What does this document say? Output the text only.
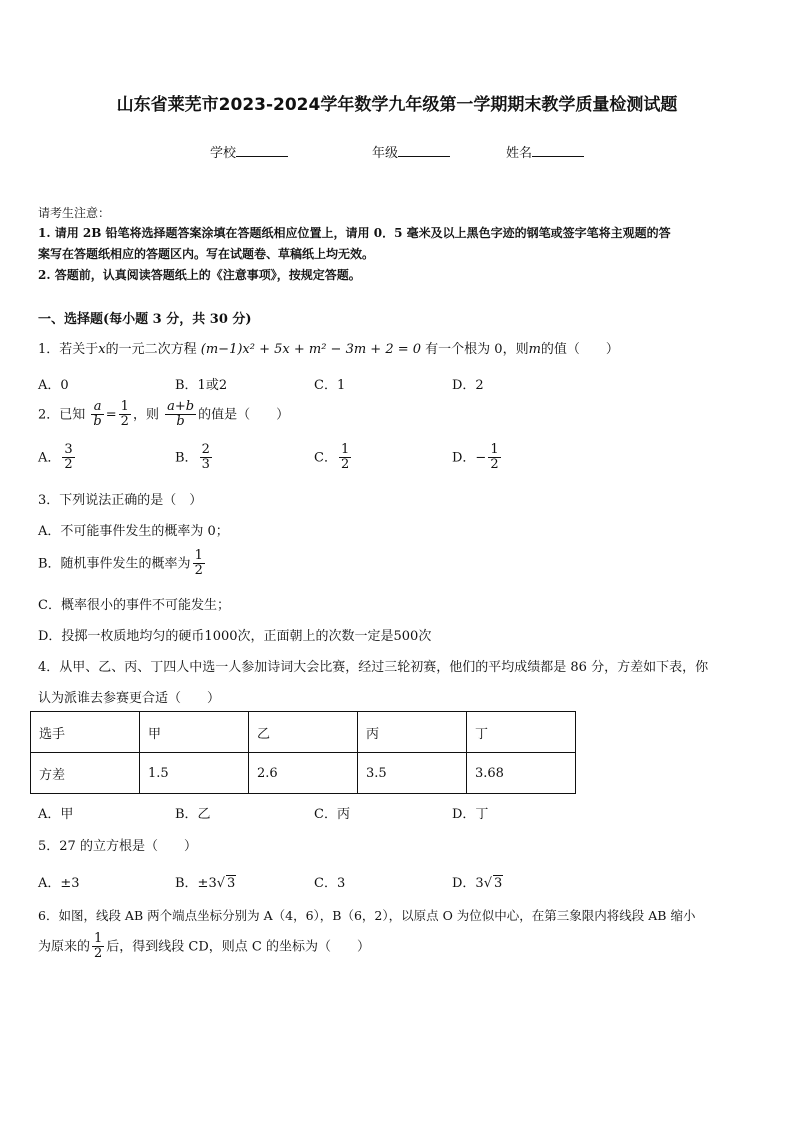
山东省莱芜市2023-2024学年数学九年级第一学期期末教学质量检测试题
学校	年级	姓名
请考生注意：
1. 请用 2B 铅笔将选择题答案涂填在答题纸相应位置上，请用 0．5 毫米及以上黑色字迹的钢笔或签字笔将主观题的答
案写在答题纸相应的答题区内。写在试题卷、草稿纸上均无效。
2. 答题前，认真阅读答题纸上的《注意事项》，按规定答题。
一、选择题(每小题 3 分，共 30 分)
1．若关于x的一元二次方程 (m−1)x² + 5x + m² − 3m + 2 = 0 有一个根为 0，则m的值（　　）
A．0	B．1或2	C．1	D．2
2．已知 $\frac{a}{b} = \frac{1}{2}$ ，则 $\frac{a+b}{b}$ 的值是（　　）
A． $\frac{3}{2}$	B． $\frac{2}{3}$	C． $\frac{1}{2}$	D．− $\frac{1}{2}$
3．下列说法正确的是（　）
A．不可能事件发生的概率为 0；
B．随机事件发生的概率为 $\frac{1}{2}$
C．概率很小的事件不可能发生；
D．投掷一枚质地均匀的硬币1000次，正面朝上的次数一定是500次
4．从甲、乙、丙、丁四人中选一人参加诗词大会比赛，经过三轮初赛，他们的平均成绩都是 86 分，方差如下表，你
认为派谁去参赛更合适（　　）
选手	甲	乙	丙	丁
方差	1.5	2.6	3.5	3.68
A．甲	B．乙	C．丙	D．丁
5．27 的立方根是（　　）
A．±3	B．±3√ 3	C．3	D．3√ 3
6．如图，线段 AB 两个端点坐标分别为 A（4，6），B（6，2），以原点 O 为位似中心，在第三象限内将线段 AB 缩小
为原来的 $\frac{1}{2}$ 后，得到线段 CD，则点 C 的坐标为（　　）
